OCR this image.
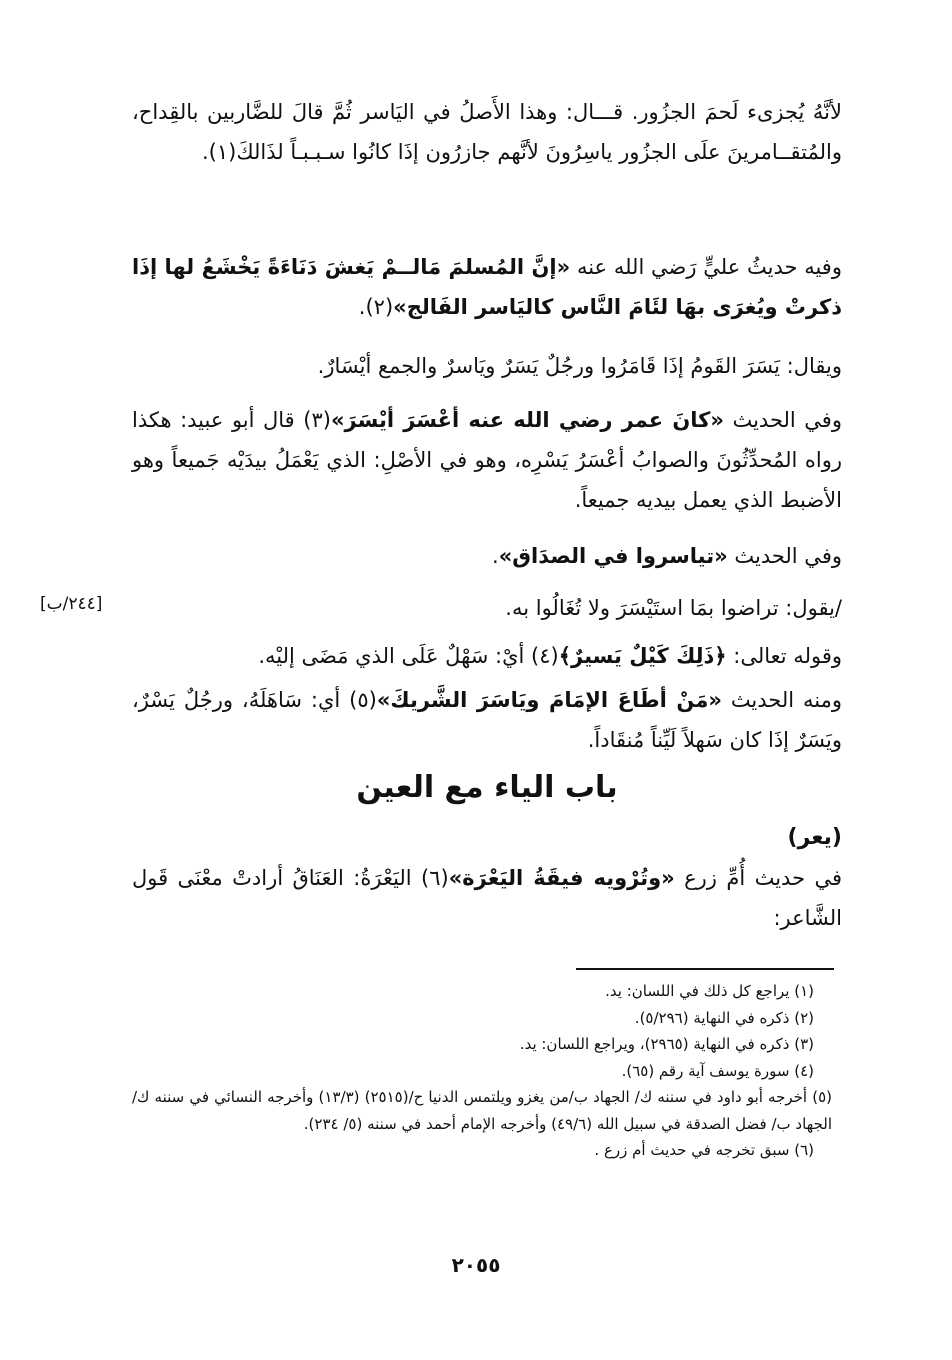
لأنَّهُ يُجزىء لَحمَ الجزُور. قـــال: وهذا الأَصلُ في اليَاسر ثُمَّ قالَ للضَّاربين بالقِداح، والمُتقــامرينَ علَى الجزُور ياسِرُونَ لأنَّهم جازرُون إذَا كانُوا سـبـبـاً لذَالكَ(١).

وفيه حديثُ عليٍّ رَضي الله عنه «إنَّ المُسلمَ مَالــمْ يَغشَ دَنَاءَةً يَخْشَعُ لها إذَا ذكرتْ ويُغرَى بهَا لئَامَ النَّاس كاليَاسر الفَالج»(٢).

ويقال: يَسَرَ القَومُ إذَا قَامَرُوا ورجُلٌ يَسَرٌ ويَاسرٌ والجمع أيْسَارٌ.

وفي الحديث «كانَ عمر رضي الله عنه أعْسَرَ أيْسَرَ»(٣) قال أبو عبيد: هكذا رواه المُحدِّثُونَ والصوابُ أعْسَرُ يَسْرِه، وهو في الأصْلِ: الذي يَعْمَلُ بيدَيْه جَميعاً وهو الأضبط الذي يعمل بيديه جميعاً.

وفي الحديث «تياسروا في الصدَاق».

/يقول: تراضوا بمَا استَيْسَرَ ولا تُغَالُوا به.

[٢٤٤/ب]

وقوله تعالى: ﴿ذَلِكَ كَيْلٌ يَسيرٌ﴾(٤) أيْ: سَهْلٌ عَلَى الذي مَضَى إليْه.

ومنه الحديث «مَنْ أطَاعَ الإمَامَ ويَاسَرَ الشَّريكَ»(٥) أي: سَاهَلَهُ، ورجُلٌ يَسْرٌ، ويَسَرٌ إذَا كان سَهلاً لَيِّناً مُنقَاداً.

باب الياء مع العين
(يعر)

في حديث أُمِّ زرع «وتُرْويه فيقَةُ اليَعْرَة»(٦) اليَعْرَةُ: العَنَاقُ أرادتْ معْنَى قَول الشَّاعر:

(١) يراجع كل ذلك في اللسان: يد.

(٢) ذكره في النهاية (٥/٢٩٦).

(٣) ذكره في النهاية (٢٩٦٥)، ويراجع اللسان: يد.

(٤) سورة يوسف آية رقم (٦٥).

(٥) أخرجه أبو داود في سننه ك/ الجهاد ب/من يغزو ويلتمس الدنيا ح/(٢٥١٥) (١٣/٣) وأخرجه النسائي في سننه ك/ الجهاد ب/ فضل الصدقة في سبيل الله (٤٩/٦) وأخرجه الإمام أحمد في سننه (٥/ ٢٣٤).

(٦) سبق تخرجه في حديث أم زرع .

٢٠٥٥
